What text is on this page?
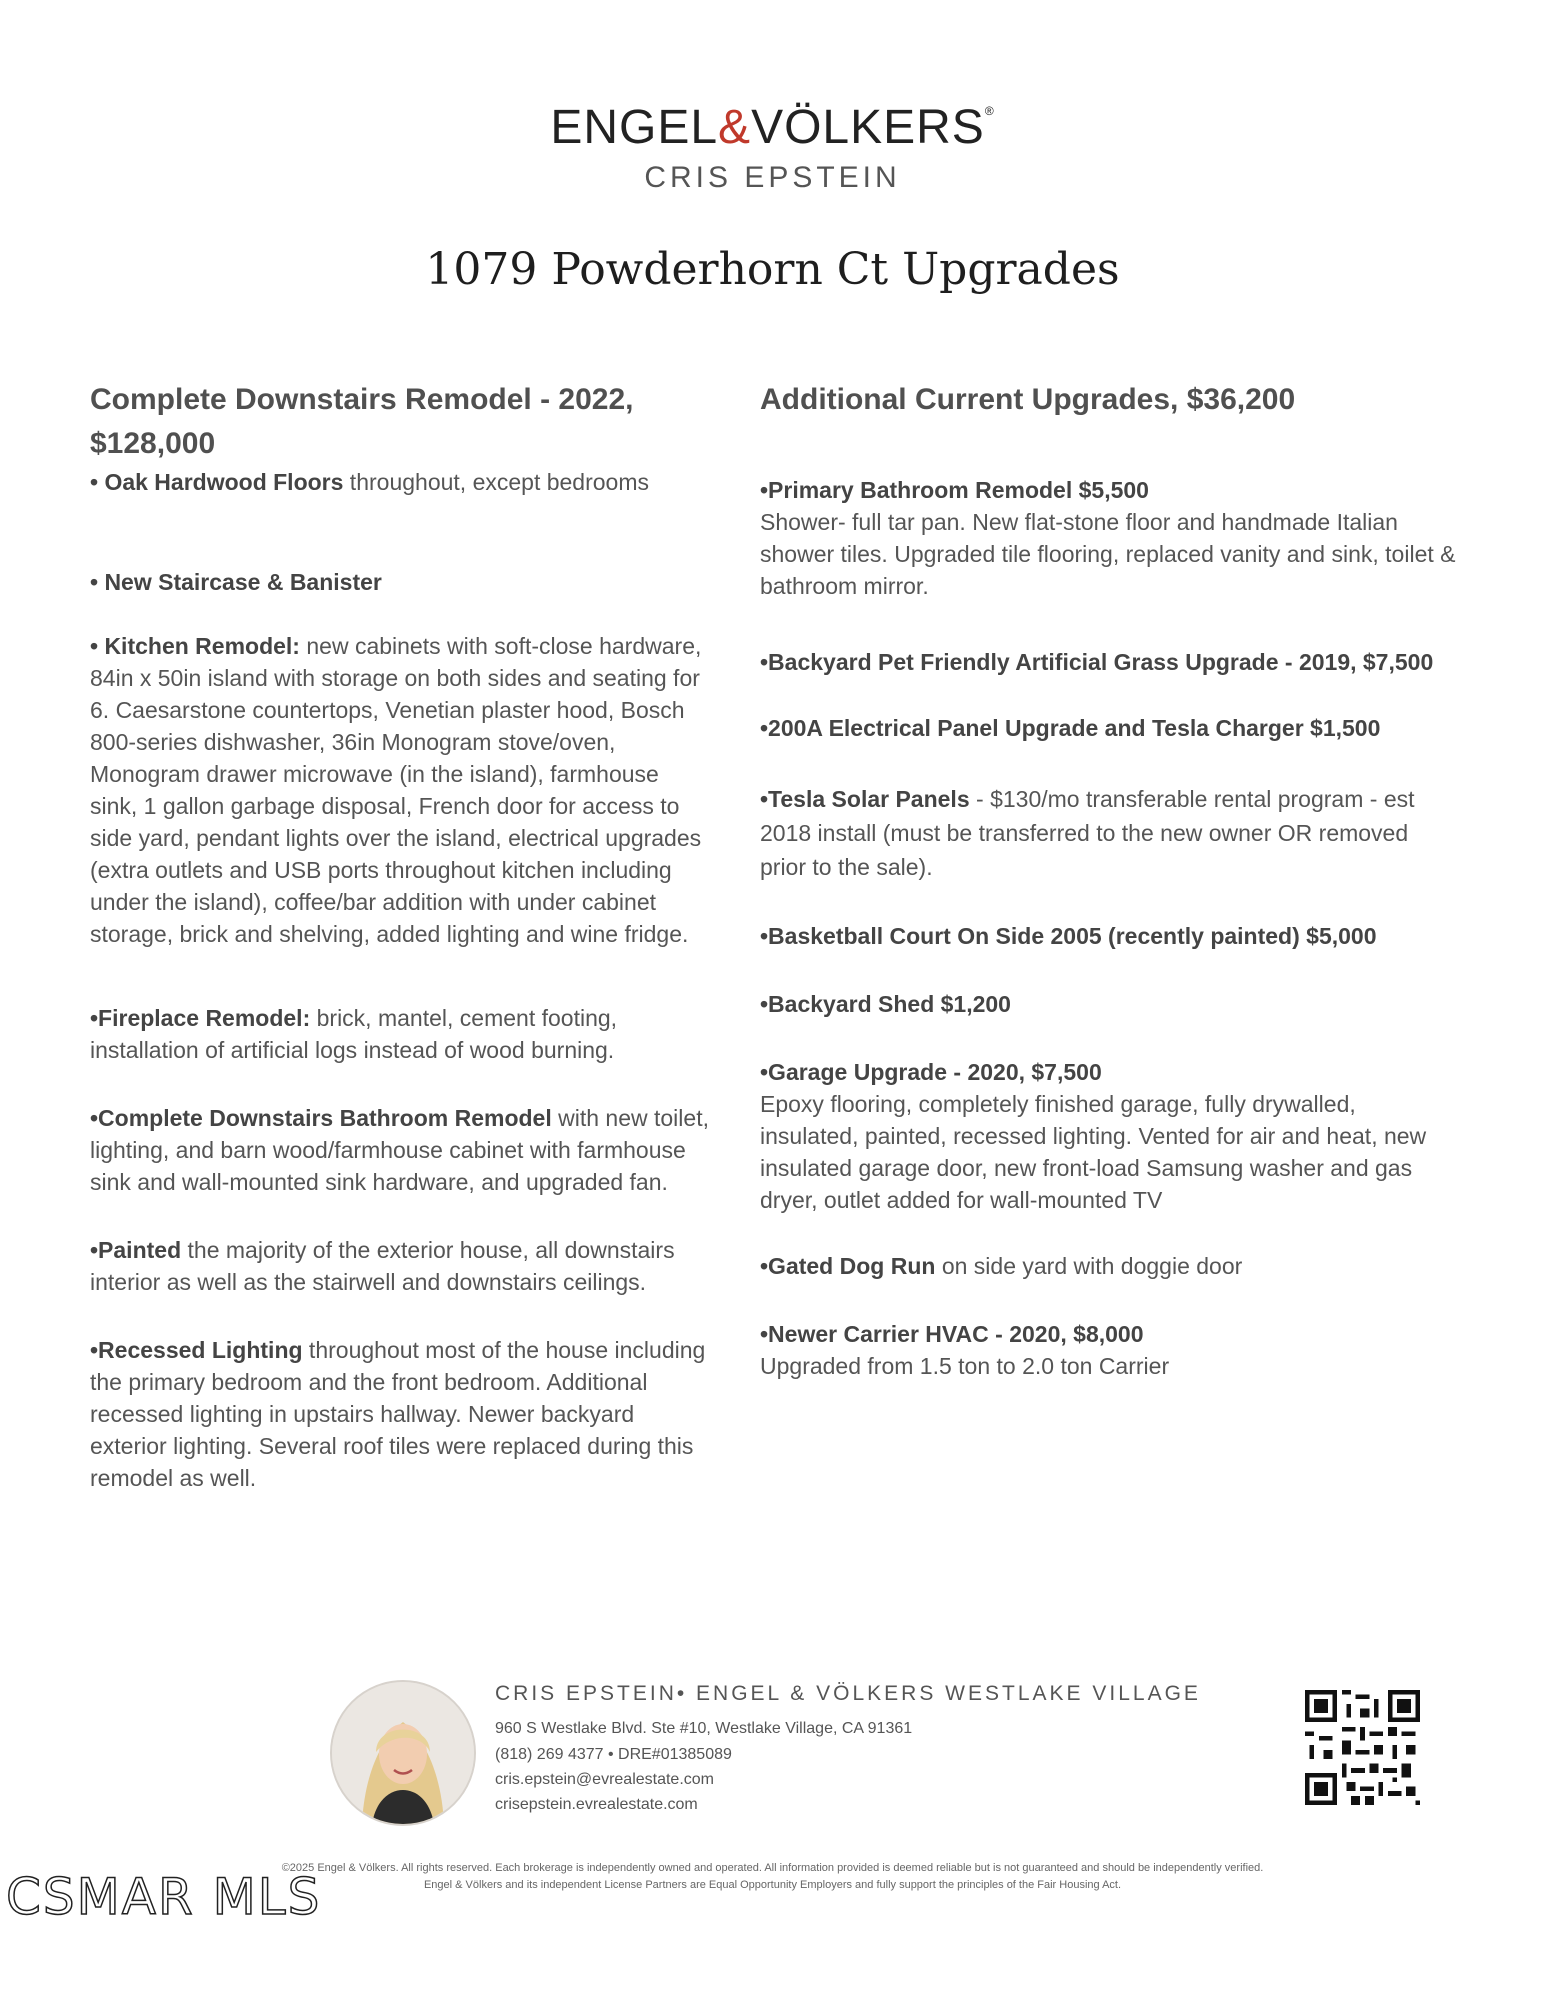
ENGEL&VÖLKERS®
CRIS EPSTEIN
1079 Powderhorn Ct Upgrades
Complete Downstairs Remodel - 2022, $128,000
• Oak Hardwood Floors throughout, except bedrooms
• New Staircase & Banister
• Kitchen Remodel: new cabinets with soft-close hardware, 84in x 50in island with storage on both sides and seating for 6. Caesarstone countertops, Venetian plaster hood, Bosch 800-series dishwasher, 36in Monogram stove/oven, Monogram drawer microwave (in the island), farmhouse sink, 1 gallon garbage disposal, French door for access to side yard, pendant lights over the island, electrical upgrades (extra outlets and USB ports throughout kitchen including under the island), coffee/bar addition with under cabinet storage, brick and shelving, added lighting and wine fridge.
•Fireplace Remodel: brick, mantel, cement footing, installation of artificial logs instead of wood burning.
•Complete Downstairs Bathroom Remodel with new toilet, lighting, and barn wood/farmhouse cabinet with farmhouse sink and wall-mounted sink hardware, and upgraded fan.
•Painted the majority of the exterior house, all downstairs interior as well as the stairwell and downstairs ceilings.
•Recessed Lighting throughout most of the house including the primary bedroom and the front bedroom. Additional recessed lighting in upstairs hallway. Newer backyard exterior lighting. Several roof tiles were replaced during this remodel as well.
Additional Current Upgrades, $36,200
•Primary Bathroom Remodel $5,500
Shower- full tar pan. New flat-stone floor and handmade Italian shower tiles. Upgraded tile flooring, replaced vanity and sink, toilet & bathroom mirror.
•Backyard Pet Friendly Artificial Grass Upgrade - 2019, $7,500
•200A Electrical Panel Upgrade and Tesla Charger $1,500
•Tesla Solar Panels - $130/mo transferable rental program - est 2018 install (must be transferred to the new owner OR removed prior to the sale).
•Basketball Court On Side 2005 (recently painted) $5,000
•Backyard Shed $1,200
•Garage Upgrade - 2020, $7,500
Epoxy flooring, completely finished garage, fully drywalled, insulated, painted, recessed lighting. Vented for air and heat, new insulated garage door, new front-load Samsung washer and gas dryer, outlet added for wall-mounted TV
•Gated Dog Run on side yard with doggie door
•Newer Carrier HVAC - 2020, $8,000
Upgraded from 1.5 ton to 2.0 ton Carrier
CRIS EPSTEIN• ENGEL & VÖLKERS WESTLAKE VILLAGE
960 S Westlake Blvd. Ste #10, Westlake Village, CA 91361
(818) 269 4377 • DRE#01385089
cris.epstein@evrealestate.com
crisepstein.evrealestate.com
©2025 Engel & Völkers. All rights reserved. Each brokerage is independently owned and operated. All information provided is deemed reliable but is not guaranteed and should be independently verified.
Engel & Völkers and its independent License Partners are Equal Opportunity Employers and fully support the principles of the Fair Housing Act.
CSMAR MLS
